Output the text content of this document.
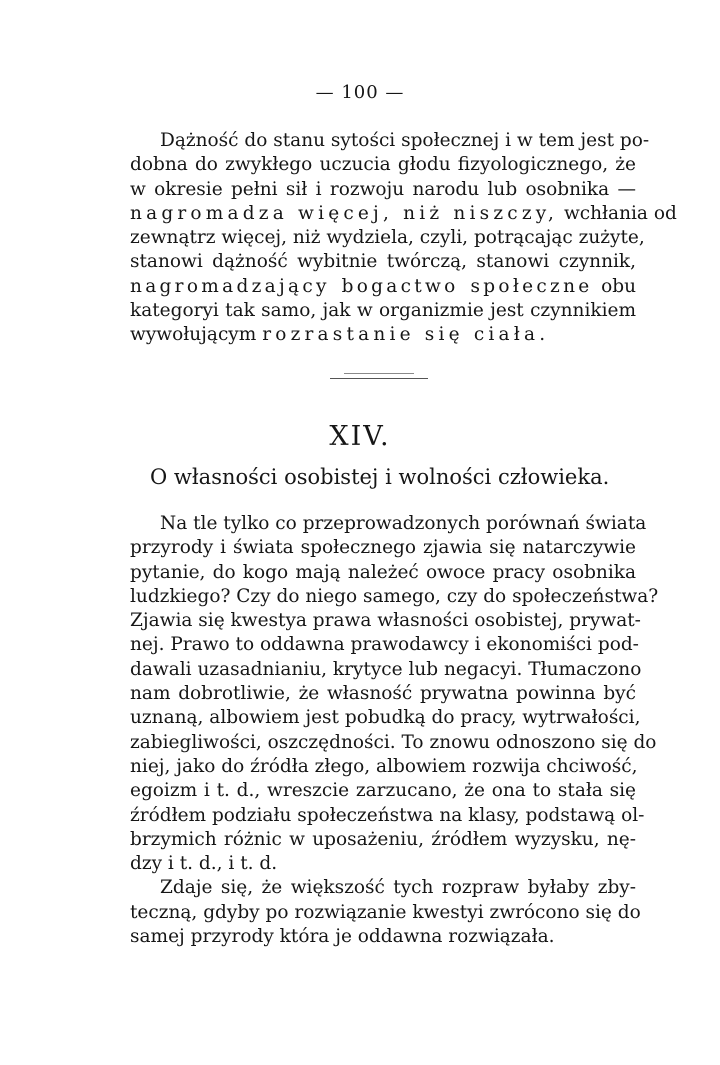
— 100 —
Dążność do stanu sytości społecznej i w tem jest po‐
dobna do zwykłego uczucia głodu fizyologicznego, że
w okresie pełni sił i rozwoju narodu lub osobnika —
nagromadza więcej, niż niszczy, wchłania od
zewnątrz więcej, niż wydziela, czyli, potrącając zużyte,
stanowi dążność wybitnie twórczą, stanowi czynnik,
nagromadzający bogactwo społeczne obu
kategoryi tak samo, jak w organizmie jest czynnikiem
wywołującym rozrastanie się ciała.
XIV.
O własności osobistej i wolności człowieka.
Na tle tylko co przeprowadzonych porównań świata
przyrody i świata społecznego zjawia się natarczywie
pytanie, do kogo mają należeć owoce pracy osobnika
ludzkiego? Czy do niego samego, czy do społeczeństwa?
Zjawia się kwestya prawa własności osobistej, prywat‐
nej. Prawo to oddawna prawodawcy i ekonomiści pod‐
dawali uzasadnianiu, krytyce lub negacyi. Tłumaczono
nam dobrotliwie, że własność prywatna powinna być
uznaną, albowiem jest pobudką do pracy, wytrwałości,
zabiegliwości, oszczędności. To znowu odnoszono się do
niej, jako do źródła złego, albowiem rozwija chciwość,
egoizm i t. d., wreszcie zarzucano, że ona to stała się
źródłem podziału społeczeństwa na klasy, podstawą ol‐
brzymich różnic w uposażeniu, źródłem wyzysku, nę‐
dzy i t. d., i t. d.
Zdaje się, że większość tych rozpraw byłaby zby‐
teczną, gdyby po rozwiązanie kwestyi zwrócono się do
samej przyrody która je oddawna rozwiązała.
